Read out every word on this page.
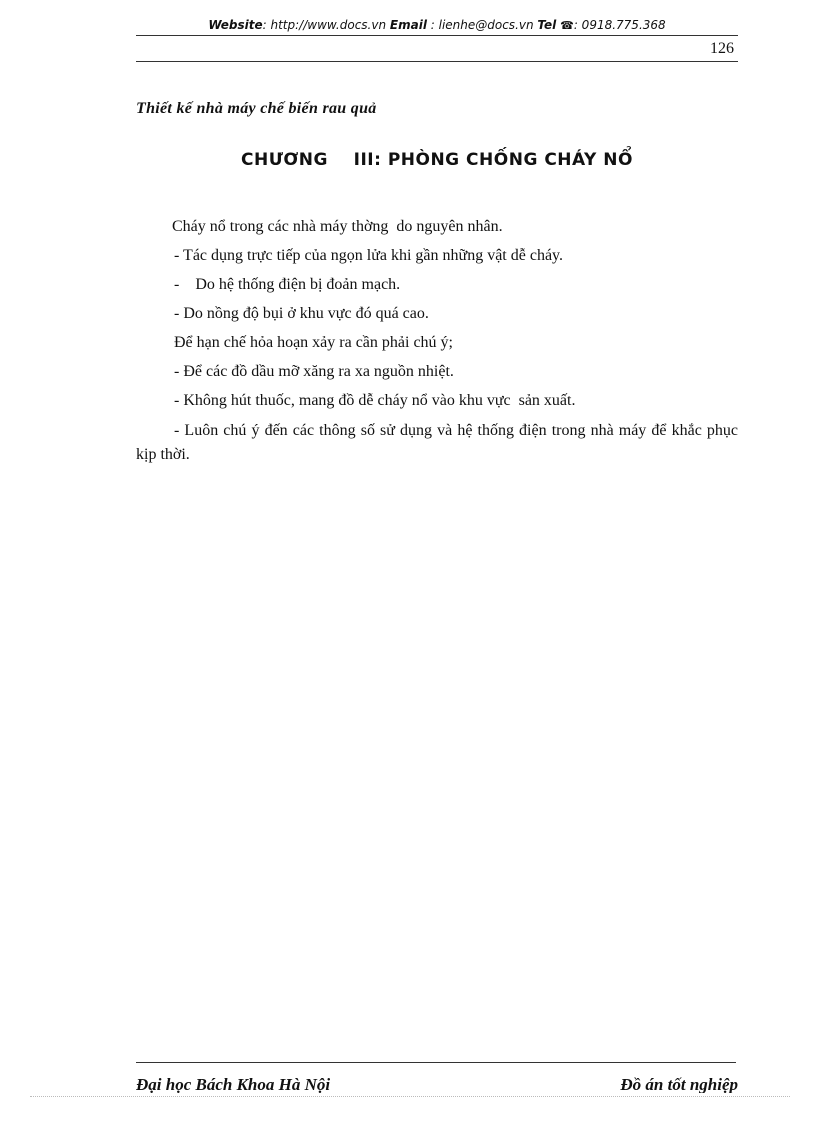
Website: http://www.docs.vn Email : lienhe@docs.vn Tel ☎: 0918.775.368
126
Thiết kế nhà máy chế biến rau quả
CHƯƠNG    III: PHÒNG CHỐNG CHÁY NỔ

Cháy nổ trong các nhà máy thờng  do nguyên nhân.

- Tác dụng trực tiếp của ngọn lửa khi gần những vật dễ cháy.

-    Do hệ thống điện bị đoản mạch.

- Do nồng độ bụi ở khu vực đó quá cao.

Để hạn chế hỏa hoạn xảy ra cần phải chú ý;

- Để các đồ dầu mỡ xăng ra xa nguồn nhiệt.

- Không hút thuốc, mang đồ dễ cháy nổ vào khu vực  sản xuất.

- Luôn chú ý đến các thông số sử dụng và hệ thống điện trong nhà máy để khắc phục kịp thời.

Đại học Bách Khoa Hà Nội	Đồ án tốt nghiệp
